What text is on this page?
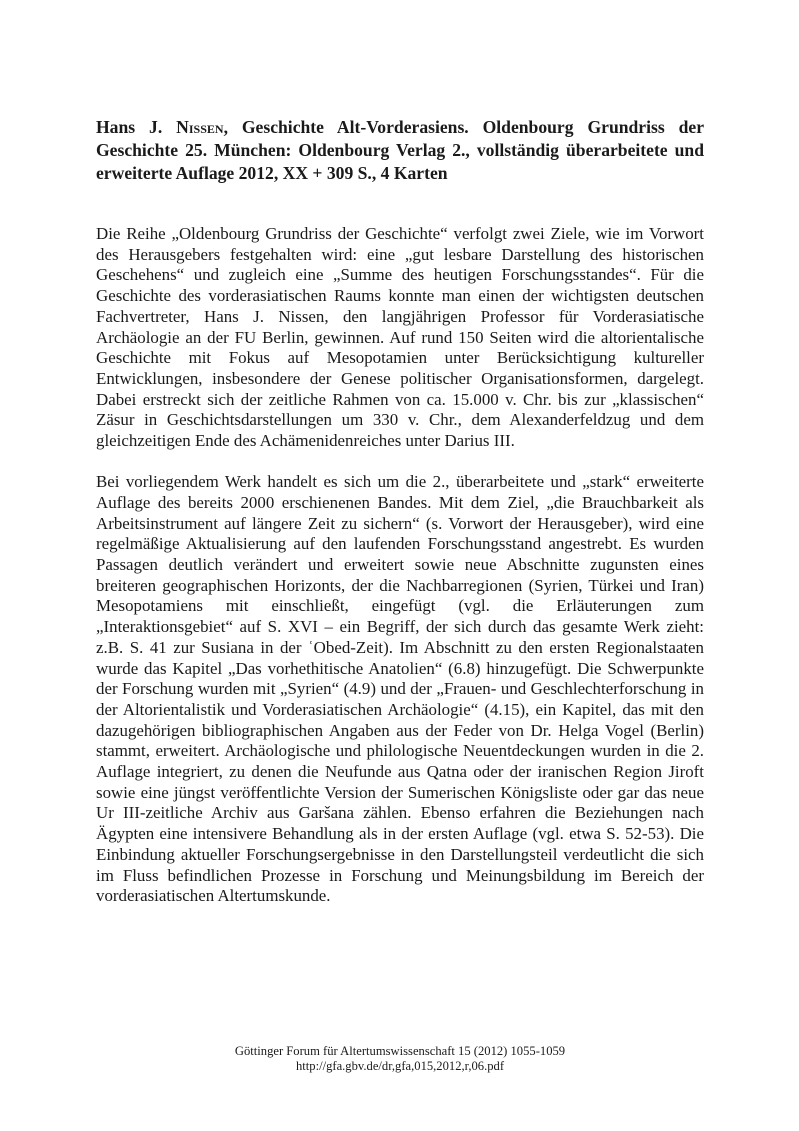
Hans J. Nissen, Geschichte Alt-Vorderasiens. Oldenbourg Grundriss der Geschichte 25. München: Oldenbourg Verlag 2., vollständig überarbeitete und erweiterte Auflage 2012, XX + 309 S., 4 Karten

Die Reihe „Oldenbourg Grundriss der Geschichte“ verfolgt zwei Ziele, wie im Vorwort des Herausgebers festgehalten wird: eine „gut lesbare Darstellung des historischen Geschehens“ und zugleich eine „Summe des heutigen Forschungsstandes“. Für die Geschichte des vorderasiatischen Raums konnte man einen der wichtigsten deutschen Fachvertreter, Hans J. Nissen, den langjährigen Professor für Vorderasiatische Archäologie an der FU Berlin, gewinnen. Auf rund 150 Seiten wird die altorientalische Geschichte mit Fokus auf Mesopotamien unter Berücksichtigung kultureller Entwicklungen, insbesondere der Genese politischer Organisationsformen, dargelegt. Dabei erstreckt sich der zeitliche Rahmen von ca. 15.000 v. Chr. bis zur „klassischen“ Zäsur in Geschichtsdarstellungen um 330 v. Chr., dem Alexanderfeldzug und dem gleichzeitigen Ende des Achämenidenreiches unter Darius III.

Bei vorliegendem Werk handelt es sich um die 2., überarbeitete und „stark“ erweiterte Auflage des bereits 2000 erschienenen Bandes. Mit dem Ziel, „die Brauchbarkeit als Arbeitsinstrument auf längere Zeit zu sichern“ (s. Vorwort der Herausgeber), wird eine regelmäßige Aktualisierung auf den laufenden Forschungsstand angestrebt. Es wurden Passagen deutlich verändert und erweitert sowie neue Abschnitte zugunsten eines breiteren geographischen Horizonts, der die Nachbarregionen (Syrien, Türkei und Iran) Mesopotamiens mit einschließt, eingefügt (vgl. die Erläuterungen zum „Interaktionsgebiet“ auf S. XVI – ein Begriff, der sich durch das gesamte Werk zieht: z.B. S. 41 zur Susiana in der ʿObed-Zeit). Im Abschnitt zu den ersten Regionalstaaten wurde das Kapitel „Das vorhethitische Anatolien“ (6.8) hinzugefügt. Die Schwerpunkte der Forschung wurden mit „Syrien“ (4.9) und der „Frauen- und Geschlechterforschung in der Altorientalistik und Vorderasiatischen Archäologie“ (4.15), ein Kapitel, das mit den dazugehörigen bibliographischen Angaben aus der Feder von Dr. Helga Vogel (Berlin) stammt, erweitert. Archäologische und philologische Neuentdeckungen wurden in die 2. Auflage integriert, zu denen die Neufunde aus Qatna oder der iranischen Region Jiroft sowie eine jüngst veröffentlichte Version der Sumerischen Königsliste oder gar das neue Ur III-zeitliche Archiv aus Garšana zählen. Ebenso erfahren die Beziehungen nach Ägypten eine intensivere Behandlung als in der ersten Auflage (vgl. etwa S. 52-53). Die Einbindung aktueller Forschungsergebnisse in den Darstellungsteil verdeutlicht die sich im Fluss befindlichen Prozesse in Forschung und Meinungsbildung im Bereich der vorderasiatischen Altertumskunde.

Göttinger Forum für Altertumswissenschaft 15 (2012) 1055-1059
http://gfa.gbv.de/dr,gfa,015,2012,r,06.pdf
